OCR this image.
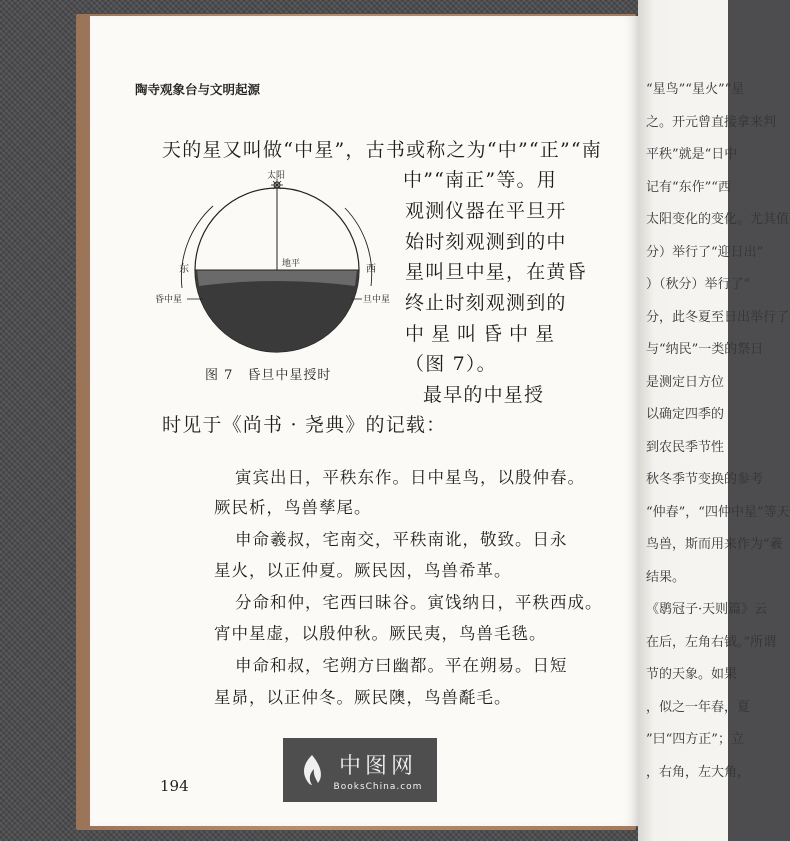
“星鸟”“星火”“星
之。开元曾直接拿来判
平秩”就是“日中
记有“东作”“西
太阳变化的变化。尤其值
分）举行了“迎日出”
）（秋分）举行了“
分，此冬夏至日出举行了
与“纳民”一类的祭日
是测定日方位
以确定四季的
到农民季节性
秋冬季节变换的参考
“仲春”，“四仲中星”等天
鸟兽，斯而用来作为“羲
结果。
《鹖冠子·天则篇》云
在后，左角右钺。”所谓
节的天象。如果
，似之一年春，夏
”曰“四方正”；立
，右角，左大角，
陶寺观象台与文明起源
天的星又叫做“中星”，古书或称之为“中”“正”“南
中”“南正”等。用
观测仪器在平旦开
始时刻观测到的中
星叫旦中星，在黄昏
终止时刻观测到的
中星叫昏中星
（图 7）。
最早的中星授
时见于《尚书 · 尧典》的记载：
太阳
东	西
地平
昏中星	旦中星
图 7 昏旦中星授时
寅宾出日，平秩东作。日中星鸟，以殷仲春。
厥民析，鸟兽孳尾。
申命羲叔，宅南交，平秩南讹，敬致。日永
星火，以正仲夏。厥民因，鸟兽希革。
分命和仲，宅西曰昧谷。寅饯纳日，平秩西成。
宵中星虚，以殷仲秋。厥民夷，鸟兽毛毨。
申命和叔，宅朔方曰幽都。平在朔易。日短
星昴，以正仲冬。厥民隩，鸟兽氄毛。
194
中图网
BooksChina.com
